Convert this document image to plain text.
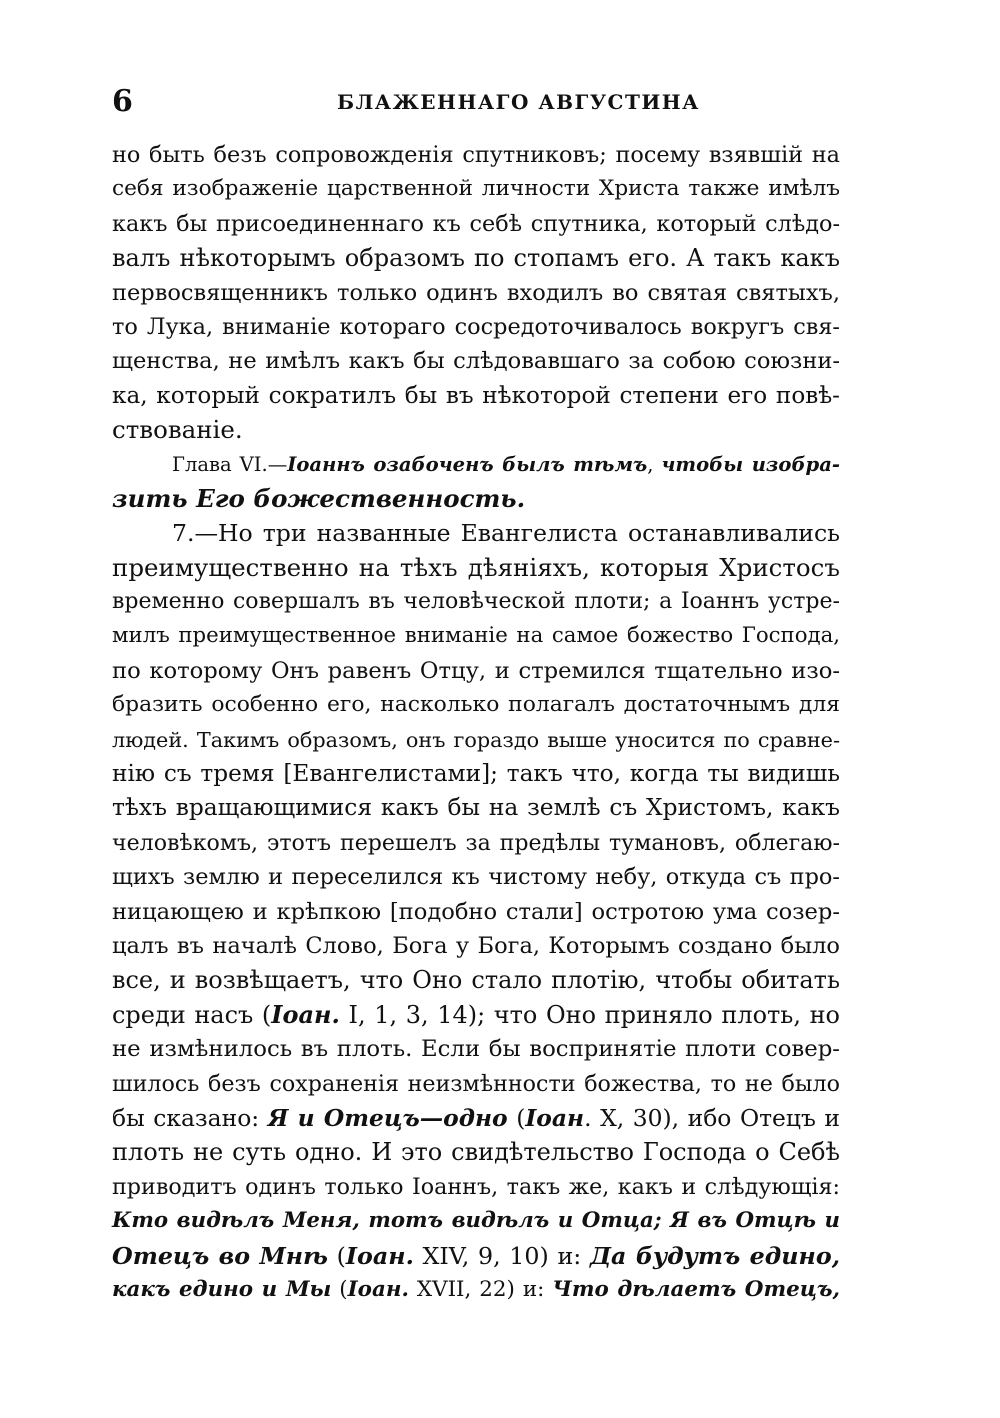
6	БЛАЖЕННАГО АВГУСТИНА
но быть безъ сопровожденія спутниковъ; посему взявшій на
себя изображеніе царственной личности Христа также имѣлъ
какъ бы присоединеннаго къ себѣ спутника, который слѣдо-
валъ нѣкоторымъ образомъ по стопамъ его. А такъ какъ
первосвященникъ только одинъ входилъ во святая святыхъ,
то Лука, вниманіе котораго сосредоточивалось вокругъ свя-
щенства, не имѣлъ какъ бы слѣдовавшаго за собою союзни-
ка, который сократилъ бы въ нѣкоторой степени его повѣ-
ствованіе.
Глава VI.—Іоаннъ озабоченъ былъ тѣмъ, чтобы изобра-
зить Его божественность.
7.—Но три названные Евангелиста останавливались
преимущественно на тѣхъ дѣяніяхъ, которыя Христосъ
временно совершалъ въ человѣческой плоти; а Іоаннъ устре-
милъ преимущественное вниманіе на самое божество Господа,
по которому Онъ равенъ Отцу, и стремился тщательно изо-
бразить особенно его, насколько полагалъ достаточнымъ для
людей. Такимъ образомъ, онъ гораздо выше уносится по сравне-
нію съ тремя [Евангелистами]; такъ что, когда ты видишь
тѣхъ вращающимися какъ бы на землѣ съ Христомъ, какъ
человѣкомъ, этотъ перешелъ за предѣлы тумановъ, облегаю-
щихъ землю и переселился къ чистому небу, откуда съ про-
ницающею и крѣпкою [подобно стали] остротою ума созер-
цалъ въ началѣ Слово, Бога у Бога, Которымъ создано было
все, и возвѣщаетъ, что Оно стало плотію, чтобы обитать
среди насъ (Іоан. I, 1, 3, 14); что Оно приняло плоть, но
не измѣнилось въ плоть. Если бы воспринятіе плоти совер-
шилось безъ сохраненія неизмѣнности божества, то не было
бы сказано: Я и Отецъ—одно (Іоан. X, 30), ибо Отецъ и
плоть не суть одно. И это свидѣтельство Господа о Себѣ
приводитъ одинъ только Іоаннъ, такъ же, какъ и слѣдующія:
Кто видѣлъ Меня, тотъ видѣлъ и Отца; Я въ Отцѣ и
Отецъ во Мнѣ (Іоан. XIV, 9, 10) и: Да будутъ едино,
какъ едино и Мы (Іоан. XVII, 22) и: Что дѣлаетъ Отецъ,
